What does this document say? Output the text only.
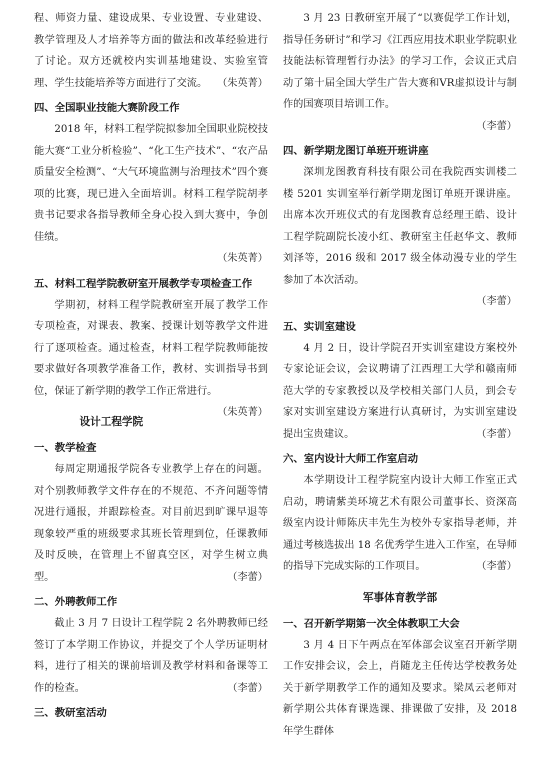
程、师资力量、建设成果、专业设置、专业建设、教学管理及人才培养等方面的做法和改革经验进行了讨论。双方还就校内实训基地建设、实验室管理、学生技能培养等方面进行了交流。 （朱英菁）

四、全国职业技能大赛阶段工作

2018 年，材料工程学院拟参加全国职业院校技能大赛“工业分析检验”、“化工生产技术”、“农产品质量安全检测”、“大气环境监测与治理技术”四个赛项的比赛，现已进入全面培训。材料工程学院胡孝贵书记要求各指导教师全身心投入到大赛中，争创佳绩。

（朱英菁）

五、材料工程学院教研室开展教学专项检查工作

学期初，材料工程学院教研室开展了教学工作专项检查，对课表、教案、授课计划等教学文件进行了逐项检查。通过检查，材料工程学院教师能按要求做好各项教学准备工作，教材、实训指导书到位，保证了新学期的教学工作正常进行。
（朱英菁）

设计工程学院
一、教学检查

每周定期通报学院各专业教学上存在的问题。对个别教师教学文件存在的不规范、不齐问题等情况进行通报，并跟踪检查。对目前迟到旷课早退等现象较严重的班级要求其班长管理到位，任课教师及时反映，在管理上不留真空区，对学生树立典型。	（李蕾）

二、外聘教师工作

截止 3 月 7 日设计工程学院 2 名外聘教师已经签订了本学期工作协议，并提交了个人学历证明材料，进行了相关的课前培训及教学材料和备课等工作的检查。	（李蕾）

三、教研室活动

3 月 23 日教研室开展了“以赛促学工作计划，指导任务研讨”和学习《江西应用技术职业学院职业技能法标管理暂行办法》的学习工作，会议正式启动了第十届全国大学生广告大赛和VR虚拟设计与制作的国赛项目培训工作。

（李蕾）

四、新学期龙图订单班开班讲座

深圳龙图教育科技有限公司在我院西实训楼二楼 5201 实训室举行新学期龙图订单班开课讲座。出席本次开班仪式的有龙图教育总经理王皓、设计工程学院副院长凌小红、教研室主任赵华文、教师刘泽等，2016 级和 2017 级全体动漫专业的学生参加了本次活动。

（李蕾）

五、实训室建设

4 月 2 日，设计学院召开实训室建设方案校外专家论证会议，会议聘请了江西理工大学和赣南师范大学的专家教授以及学校相关部门人员，到会专家对实训室建设方案进行认真研讨，为实训室建设提出宝贵建议。	（李蕾）

六、室内设计大师工作室启动

本学期设计工程学院室内设计大师工作室正式启动，聘请紫美环境艺术有限公司董事长、资深高级室内设计师陈庆丰先生为校外专家指导老师，并通过考核选拔出 18 名优秀学生进入工作室，在导师的指导下完成实际的工作项目。	（李蕾）

军事体育教学部
一、召开新学期第一次全体教职工大会

3 月 4 日下午两点在军体部会议室召开新学期工作安排会议，会上，肖随龙主任传达学校教务处关于新学期教学工作的通知及要求。梁凤云老师对新学期公共体育课选课、排课做了安排，及 2018 年学生群体
